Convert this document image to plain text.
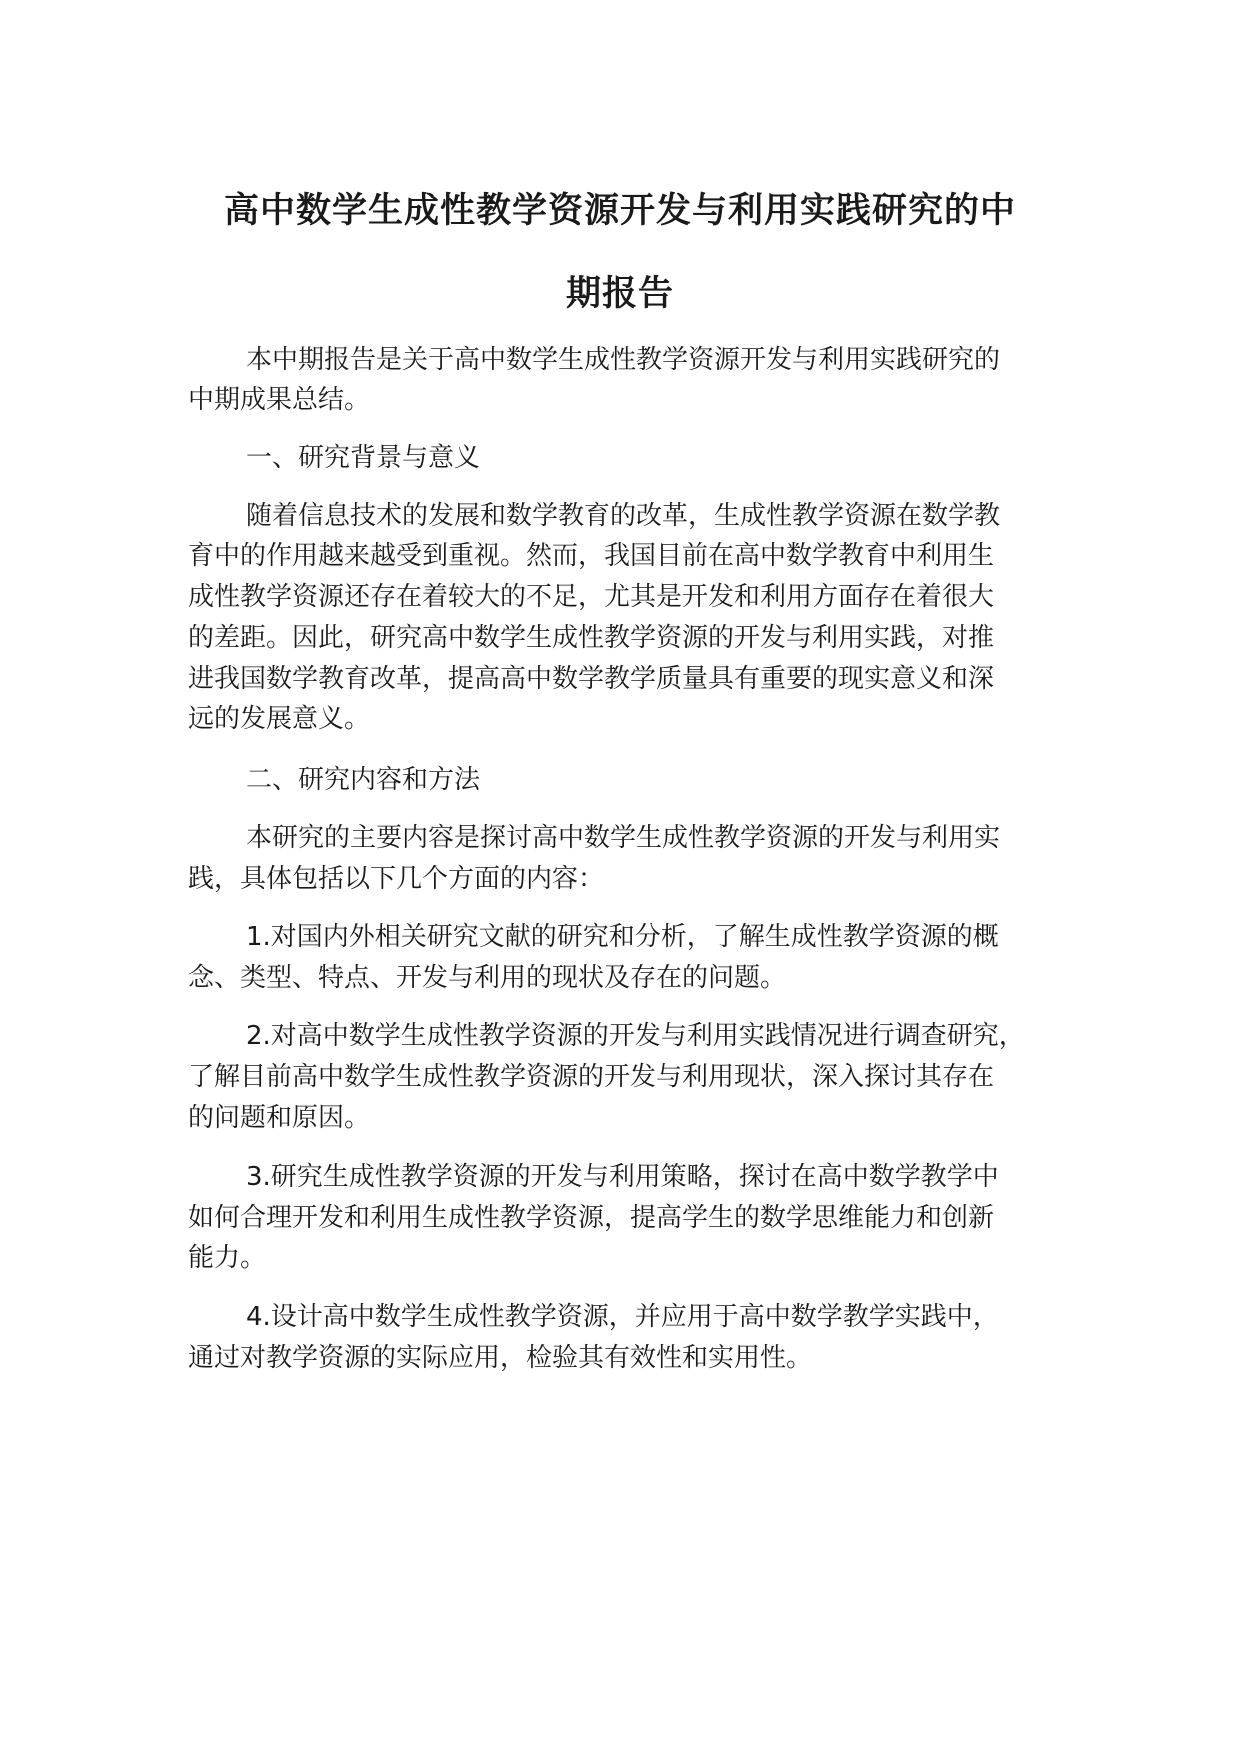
高中数学生成性教学资源开发与利用实践研究的中
期报告

本中期报告是关于高中数学生成性教学资源开发与利用实践研究的

中期成果总结。

一、研究背景与意义

随着信息技术的发展和数学教育的改革，生成性教学资源在数学教

育中的作用越来越受到重视。然而，我国目前在高中数学教育中利用生

成性教学资源还存在着较大的不足，尤其是开发和利用方面存在着很大

的差距。因此，研究高中数学生成性教学资源的开发与利用实践，对推

进我国数学教育改革，提高高中数学教学质量具有重要的现实意义和深

远的发展意义。

二、研究内容和方法

本研究的主要内容是探讨高中数学生成性教学资源的开发与利用实

践，具体包括以下几个方面的内容：

1.对国内外相关研究文献的研究和分析，了解生成性教学资源的概

念、类型、特点、开发与利用的现状及存在的问题。

2.对高中数学生成性教学资源的开发与利用实践情况进行调查研究，

了解目前高中数学生成性教学资源的开发与利用现状，深入探讨其存在

的问题和原因。

3.研究生成性教学资源的开发与利用策略，探讨在高中数学教学中

如何合理开发和利用生成性教学资源，提高学生的数学思维能力和创新

能力。

4.设计高中数学生成性教学资源，并应用于高中数学教学实践中，

通过对教学资源的实际应用，检验其有效性和实用性。
